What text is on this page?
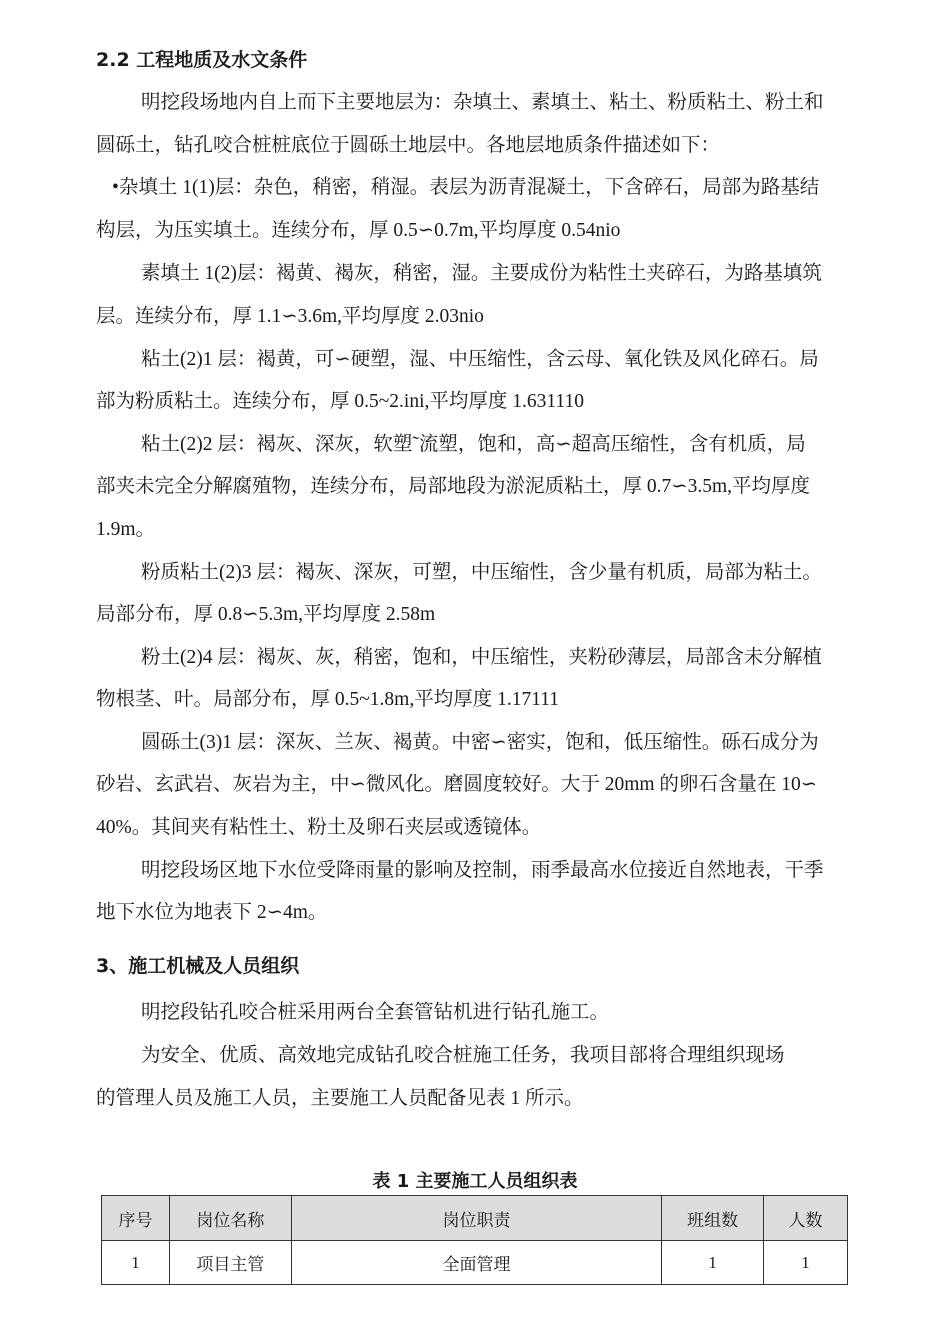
2.2 工程地质及水文条件
明挖段场地内自上而下主要地层为：杂填土、素填土、粘土、粉质粘土、粉土和
圆砾土，钻孔咬合桩桩底位于圆砾土地层中。各地层地质条件描述如下：
•杂填土 1(1)层：杂色，稍密，稍湿。表层为沥青混凝土，下含碎石，局部为路基结
构层，为压实填土。连续分布，厚 0.5∽0.7m,平均厚度 0.54nio
素填土 1(2)层：褐黄、褐灰，稍密，湿。主要成份为粘性土夹碎石，为路基填筑
层。连续分布，厚 1.1∽3.6m,平均厚度 2.03nio
粘土(2)1 层：褐黄，可∽硬塑，湿、中压缩性，含云母、氧化铁及风化碎石。局
部为粉质粘土。连续分布，厚 0.5~2.ini,平均厚度 1.631110
粘土(2)2 层：褐灰、深灰，软塑˜流塑，饱和，高∽超高压缩性，含有机质，局
部夹未完全分解腐殖物，连续分布，局部地段为淤泥质粘土，厚 0.7∽3.5m,平均厚度
1.9m。
粉质粘土(2)3 层：褐灰、深灰，可塑，中压缩性，含少量有机质，局部为粘土。
局部分布，厚 0.8∽5.3m,平均厚度 2.58m
粉土(2)4 层：褐灰、灰，稍密，饱和，中压缩性，夹粉砂薄层，局部含未分解植
物根茎、叶。局部分布，厚 0.5~1.8m,平均厚度 1.17111
圆砾土(3)1 层：深灰、兰灰、褐黄。中密∽密实，饱和，低压缩性。砾石成分为
砂岩、玄武岩、灰岩为主，中∽微风化。磨圆度较好。大于 20mm 的卵石含量在 10∽
40%。其间夹有粘性土、粉土及卵石夹层或透镜体。
明挖段场区地下水位受降雨量的影响及控制，雨季最高水位接近自然地表，干季
地下水位为地表下 2∽4m。
3、施工机械及人员组织
明挖段钻孔咬合桩采用两台全套管钻机进行钻孔施工。
为安全、优质、高效地完成钻孔咬合桩施工任务，我项目部将合理组织现场
的管理人员及施工人员，主要施工人员配备见表 1 所示。
表 1 主要施工人员组织表
序号	岗位名称	岗位职责	班组数	人数
1	项目主管	全面管理	1	1
